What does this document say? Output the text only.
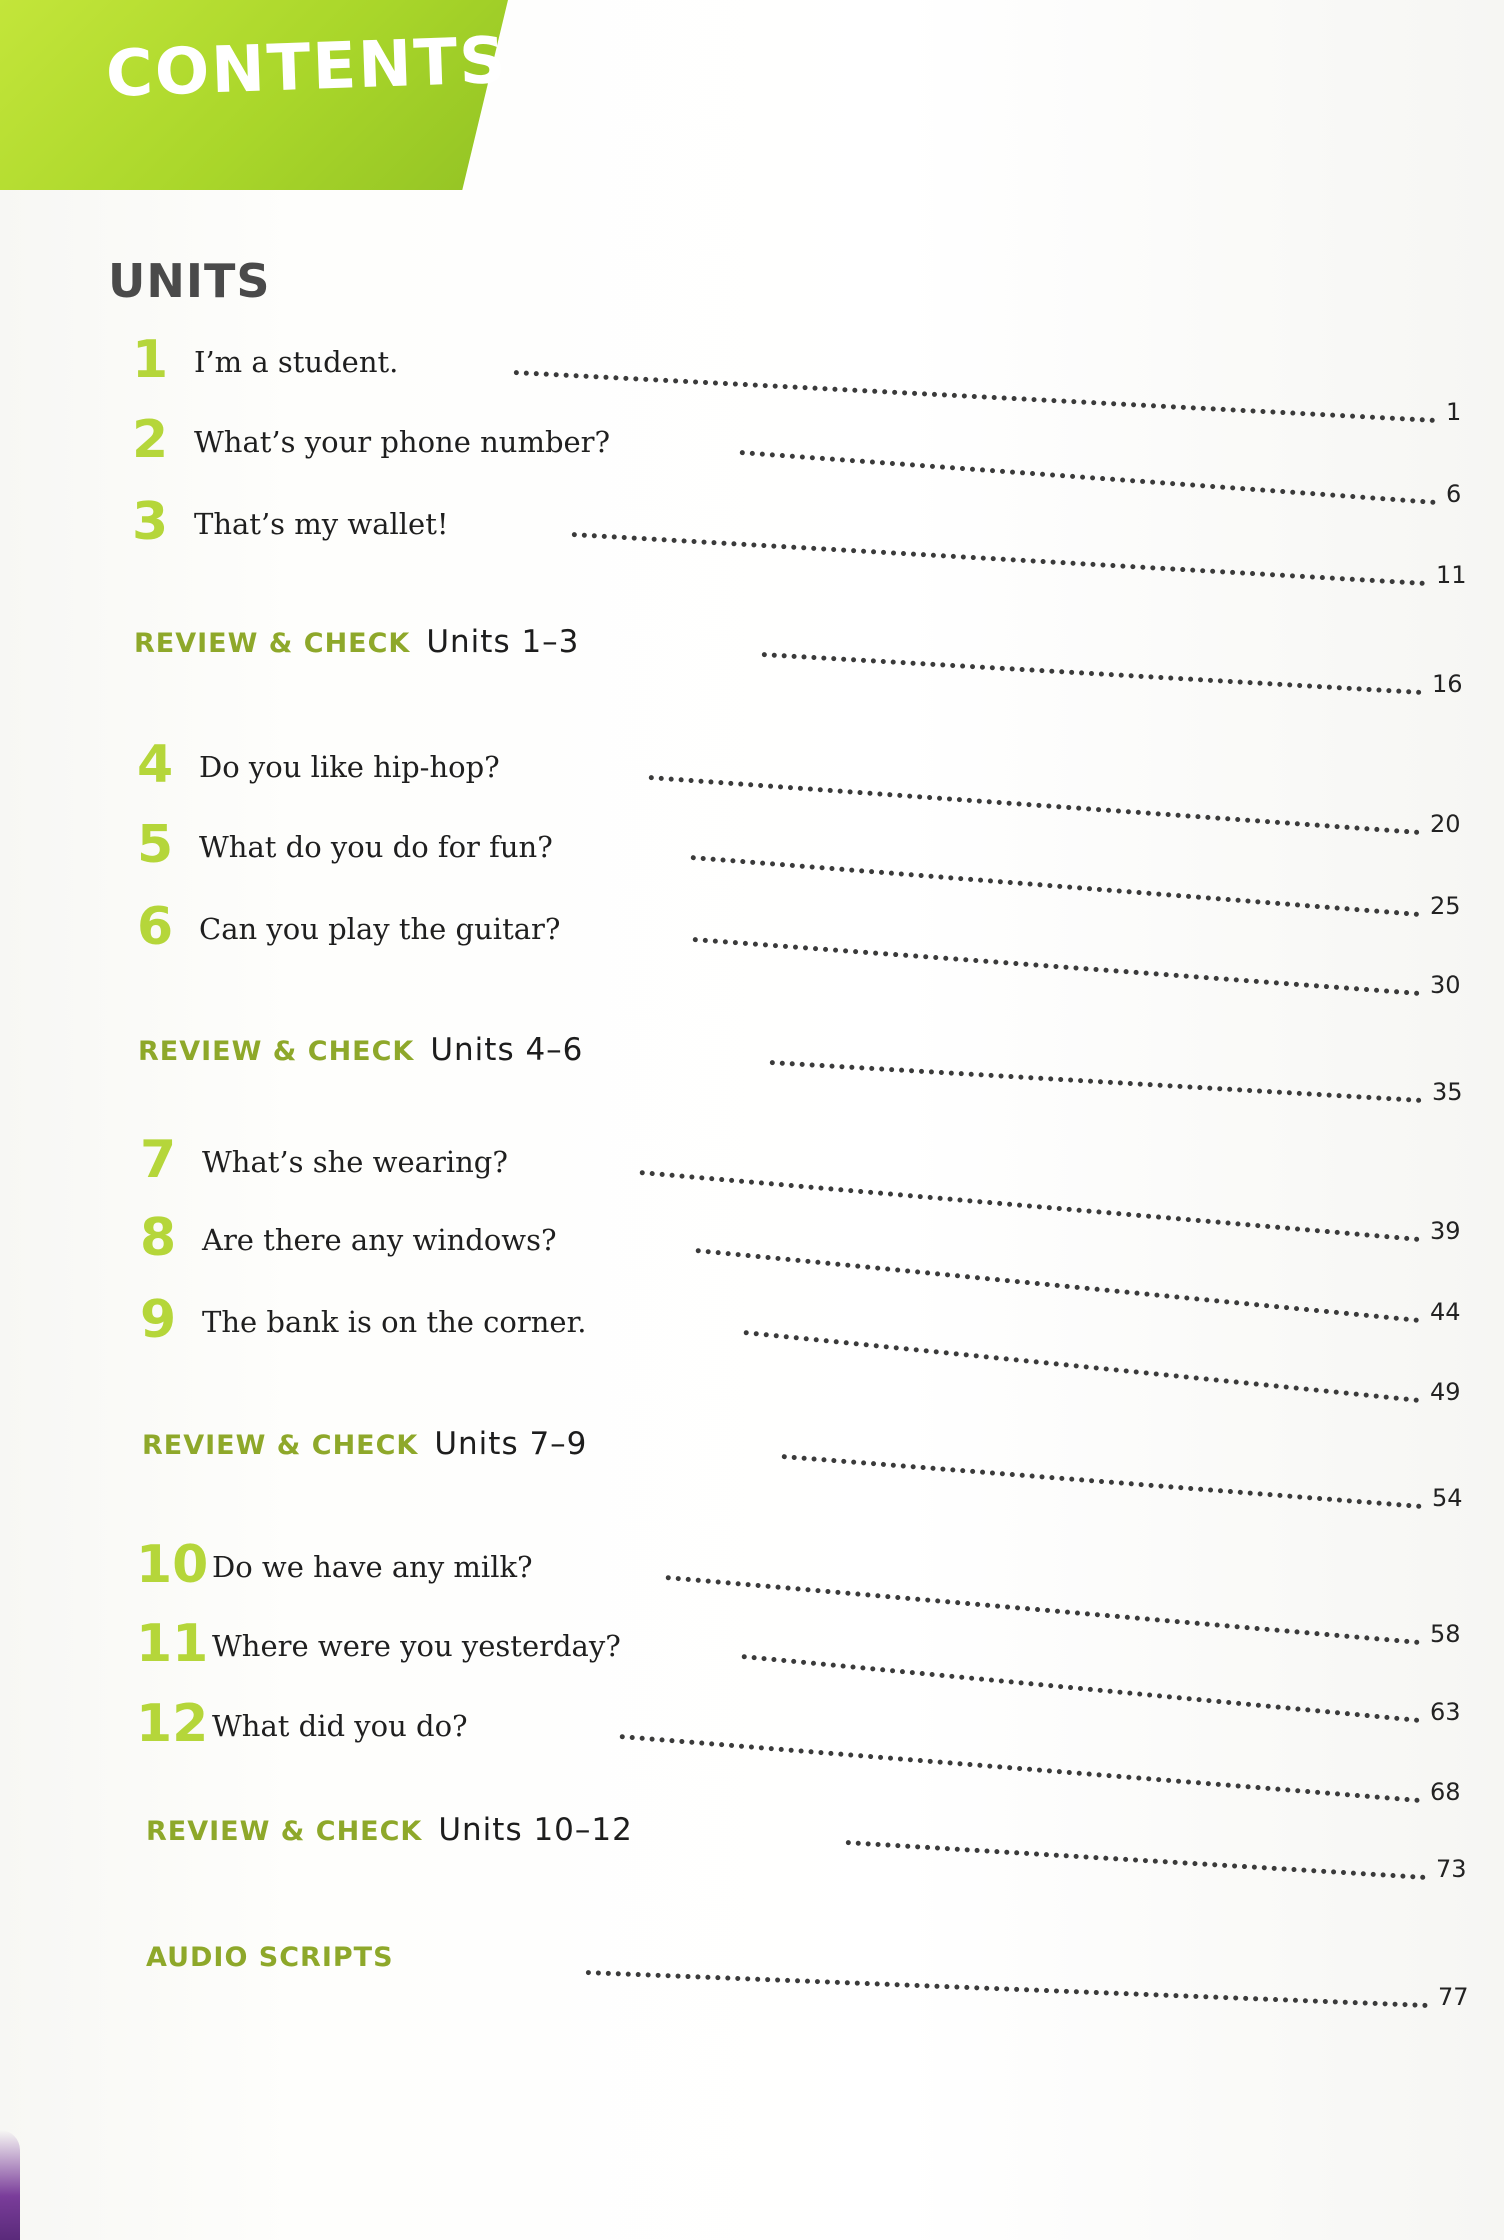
CONTENTS
UNITS
1 I’m a student.
1
2 What’s your phone number?
6
3 That’s my wallet!
11
REVIEW & CHECK Units 1–3
16
4 Do you like hip-hop?
20
5 What do you do for fun?
25
6 Can you play the guitar?
30
REVIEW & CHECK Units 4–6
35
7 What’s she wearing?
39
8 Are there any windows?
44
9 The bank is on the corner.
49
REVIEW & CHECK Units 7–9
54
10 Do we have any milk?
58
11 Where were you yesterday?
63
12 What did you do?
68
REVIEW & CHECK Units 10–12
73
AUDIO SCRIPTS
77
